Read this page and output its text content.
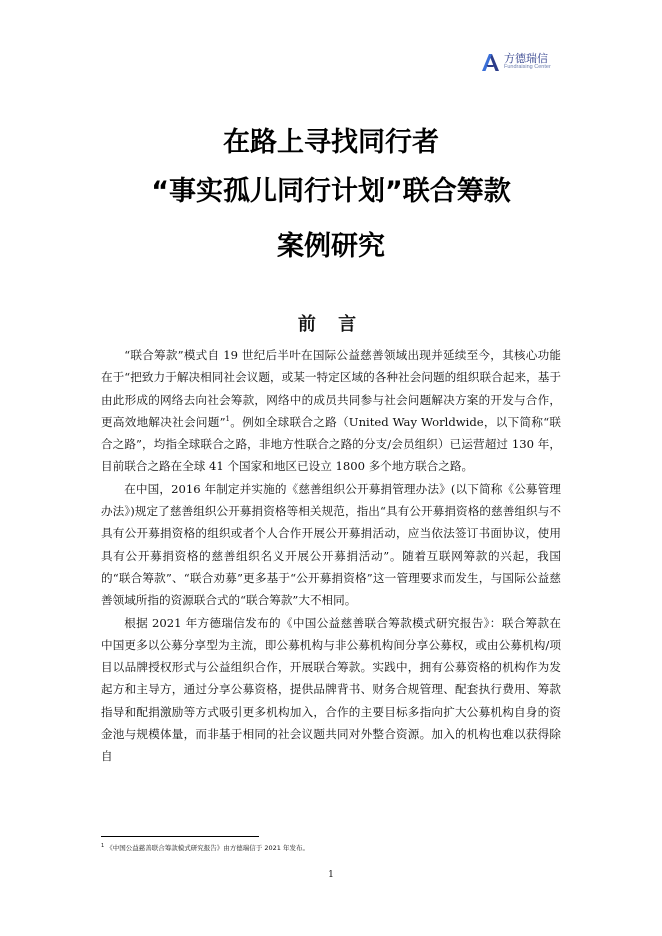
方德瑞信
Fundraising Center
在路上寻找同行者
“事实孤儿同行计划”联合筹款
案例研究
前 言

“联合筹款”模式自 19 世纪后半叶在国际公益慈善领域出现并延续至今，其核心功能在于“把致力于解决相同社会议题，或某一特定区域的各种社会问题的组织联合起来，基于由此形成的网络去向社会筹款，网络中的成员共同参与社会问题解决方案的开发与合作，更高效地解决社会问题”$^1$。例如全球联合之路（United Way Worldwide，以下简称“联合之路”，均指全球联合之路，非地方性联合之路的分支/会员组织）已运营超过 130 年，目前联合之路在全球 41 个国家和地区已设立 1800 多个地方联合之路。

在中国，2016 年制定并实施的《慈善组织公开募捐管理办法》(以下简称《公募管理办法》)规定了慈善组织公开募捐资格等相关规范，指出“具有公开募捐资格的慈善组织与不具有公开募捐资格的组织或者个人合作开展公开募捐活动，应当依法签订书面协议，使用具有公开募捐资格的慈善组织名义开展公开募捐活动”。随着互联网筹款的兴起，我国的“联合筹款”、“联合劝募”更多基于“公开募捐资格”这一管理要求而发生，与国际公益慈善领域所指的资源联合式的“联合筹款”大不相同。

根据 2021 年方德瑞信发布的《中国公益慈善联合筹款模式研究报告》：联合筹款在中国更多以公募分享型为主流，即公募机构与非公募机构间分享公募权，或由公募机构/项目以品牌授权形式与公益组织合作，开展联合筹款。实践中，拥有公募资格的机构作为发起方和主导方，通过分享公募资格，提供品牌背书、财务合规管理、配套执行费用、筹款指导和配捐激励等方式吸引更多机构加入，合作的主要目标多指向扩大公募机构自身的资金池与规模体量，而非基于相同的社会议题共同对外整合资源。加入的机构也难以获得除自

$^1$ 《中国公益慈善联合筹款模式研究报告》由方德瑞信于 2021 年发布。

1
